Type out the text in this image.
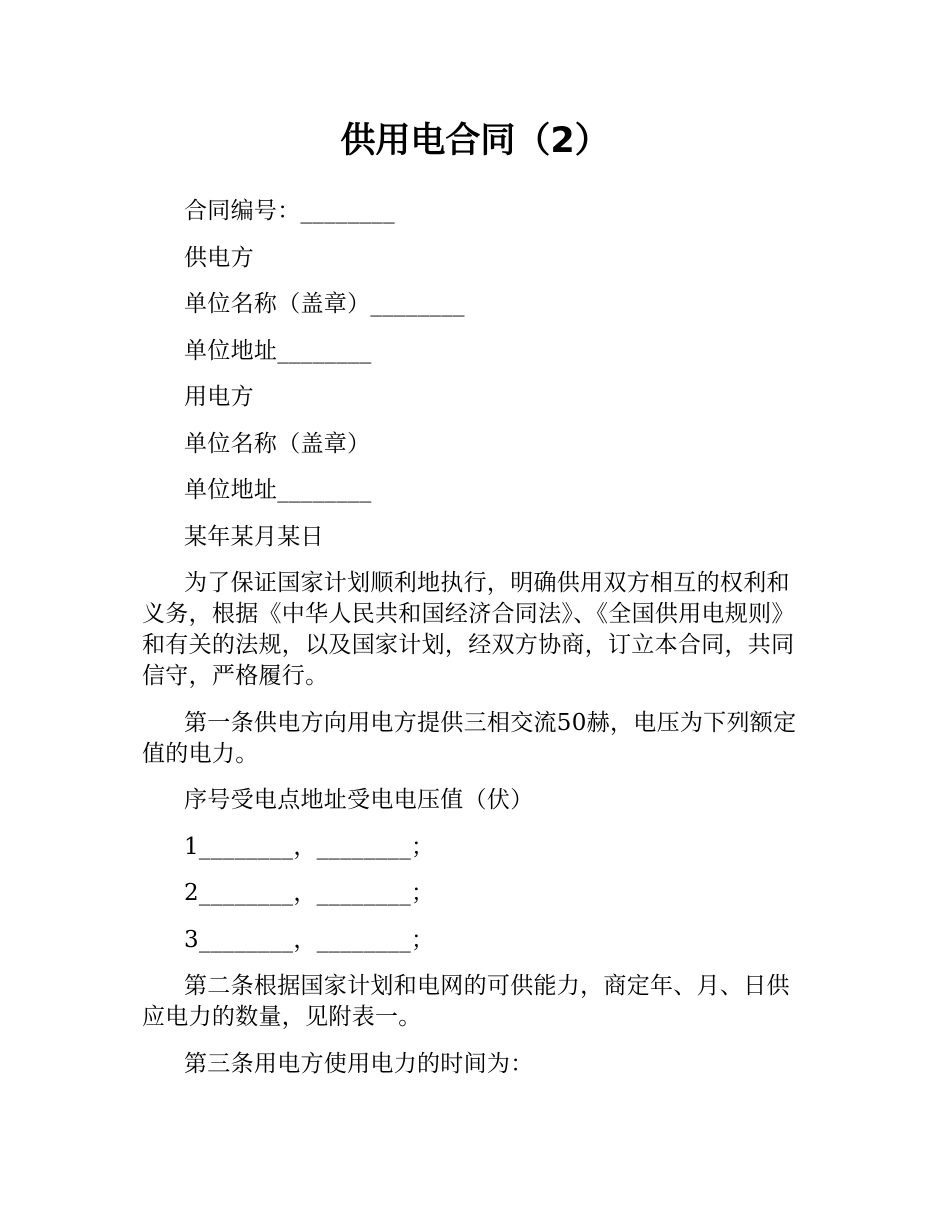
供用电合同（2）

合同编号：________

供电方

单位名称（盖章）________

单位地址________

用电方

单位名称（盖章）

单位地址________

某年某月某日

为了保证国家计划顺利地执行，明确供用双方相互的权利和义务，根据《中华人民共和国经济合同法》、《全国供用电规则》和有关的法规，以及国家计划，经双方协商，订立本合同，共同信守，严格履行。

第一条供电方向用电方提供三相交流50赫，电压为下列额定值的电力。

序号受电点地址受电电压值（伏）

1________，________；

2________，________；

3________，________；

第二条根据国家计划和电网的可供能力，商定年、月、日供应电力的数量，见附表一。

第三条用电方使用电力的时间为：
